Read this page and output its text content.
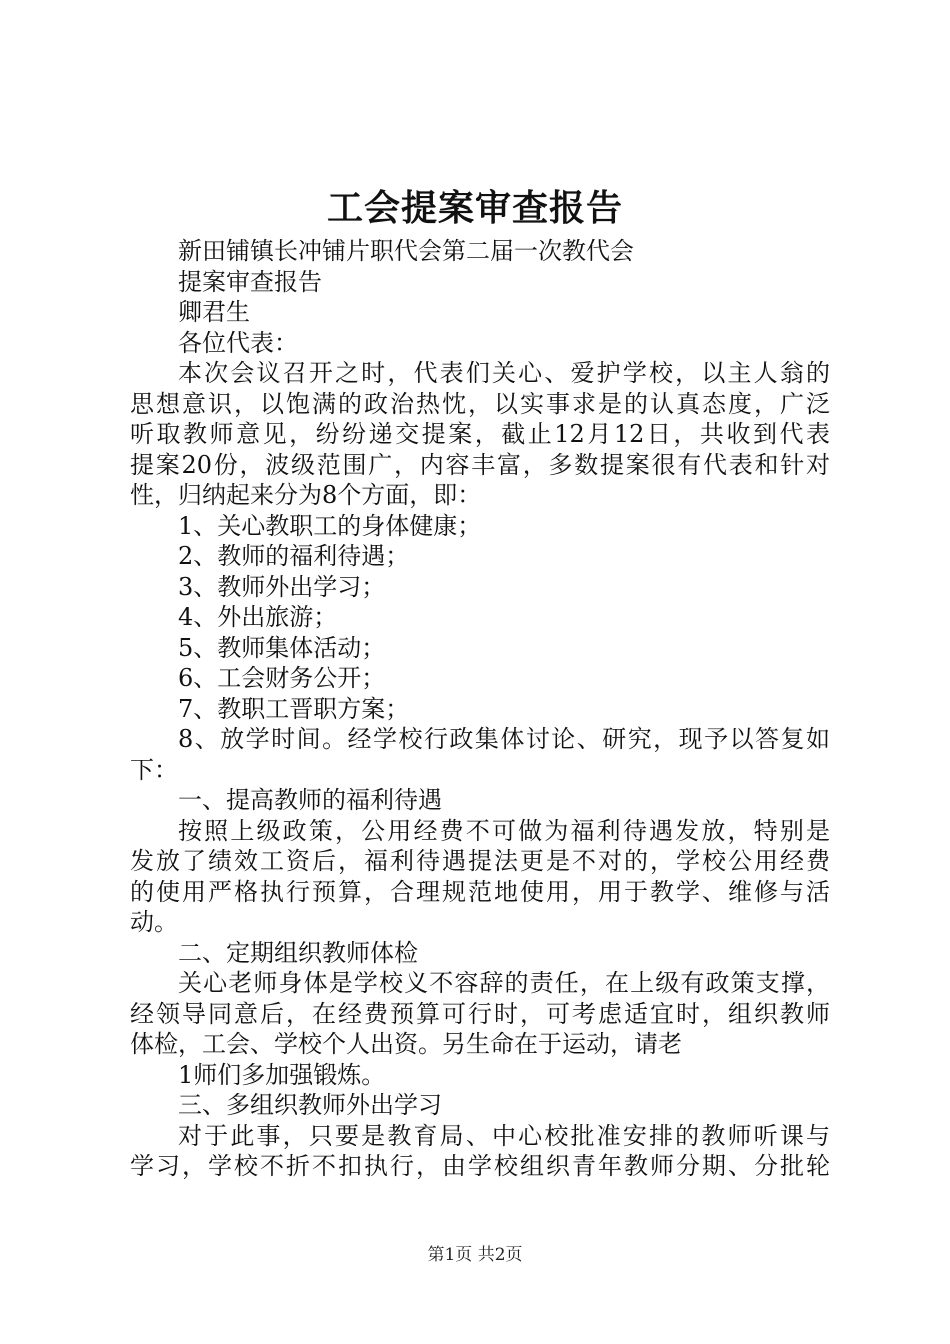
工会提案审查报告
新田铺镇长冲铺片职代会第二届一次教代会
提案审查报告
卿君生
各位代表：
本次会议召开之时，代表们关心、爱护学校，以主人翁的
思想意识，以饱满的政治热忱，以实事求是的认真态度，广泛
听取教师意见，纷纷递交提案，截止12月12日，共收到代表
提案20份，波级范围广，内容丰富，多数提案很有代表和针对
性，归纳起来分为8个方面，即：
1、关心教职工的身体健康；
2、教师的福利待遇；
3、教师外出学习；
4、外出旅游；
5、教师集体活动；
6、工会财务公开；
7、教职工晋职方案；
8、放学时间。经学校行政集体讨论、研究，现予以答复如
下：
一、提高教师的福利待遇
按照上级政策，公用经费不可做为福利待遇发放，特别是
发放了绩效工资后，福利待遇提法更是不对的，学校公用经费
的使用严格执行预算，合理规范地使用，用于教学、维修与活
动。
二、定期组织教师体检
关心老师身体是学校义不容辞的责任，在上级有政策支撑，
经领导同意后，在经费预算可行时，可考虑适宜时，组织教师
体检，工会、学校个人出资。另生命在于运动，请老
1师们多加强锻炼。
三、多组织教师外出学习
对于此事，只要是教育局、中心校批准安排的教师听课与
学习，学校不折不扣执行，由学校组织青年教师分期、分批轮
第1页 共2页
